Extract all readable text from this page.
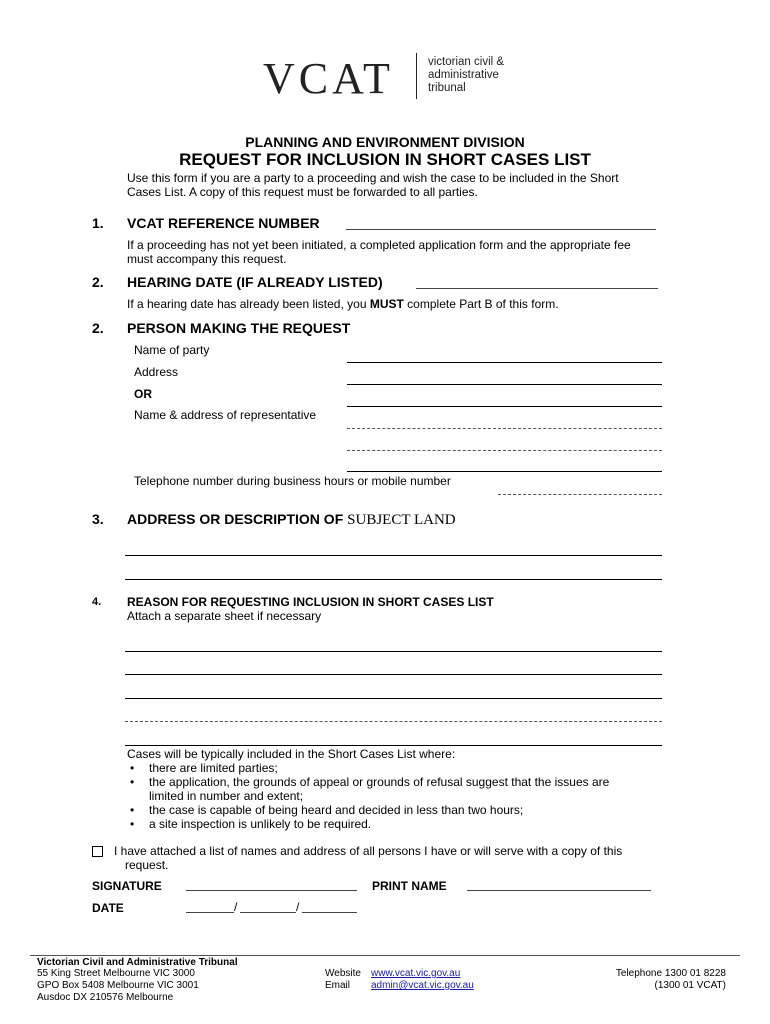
VCAT	victorian civil &
administrative
tribunal
PLANNING AND ENVIRONMENT DIVISION
REQUEST FOR INCLUSION IN SHORT CASES LIST
Use this form if you are a party to a proceeding and wish the case to be included in the Short
Cases List. A copy of this request must be forwarded to all parties.
1. VCAT REFERENCE NUMBER
If a proceeding has not yet been initiated, a completed application form and the appropriate fee
must accompany this request.
2. HEARING DATE (IF ALREADY LISTED)
If a hearing date has already been listed, you MUST complete Part B of this form.
2. PERSON MAKING THE REQUEST
Name of party
Address
OR
Name & address of representative
Telephone number during business hours or mobile number
3. ADDRESS OR DESCRIPTION OF SUBJECT LAND
4. REASON FOR REQUESTING INCLUSION IN SHORT CASES LIST
Attach a separate sheet if necessary
Cases will be typically included in the Short Cases List where:
• there are limited parties;
• the application, the grounds of appeal or grounds of refusal suggest that the issues are
limited in number and extent;
• the case is capable of being heard and decided in less than two hours;
• a site inspection is unlikely to be required.
I have attached a list of names and address of all persons I have or will serve with a copy of this
request.
SIGNATURE	PRINT NAME
DATE	/	/
Victorian Civil and Administrative Tribunal
55 King Street Melbourne VIC 3000
GPO Box 5408 Melbourne VIC 3001
Ausdoc DX 210576 Melbourne
Website www.vcat.vic.gov.au
Email admin@vcat.vic.gov.au
Telephone 1300 01 8228
(1300 01 VCAT)
